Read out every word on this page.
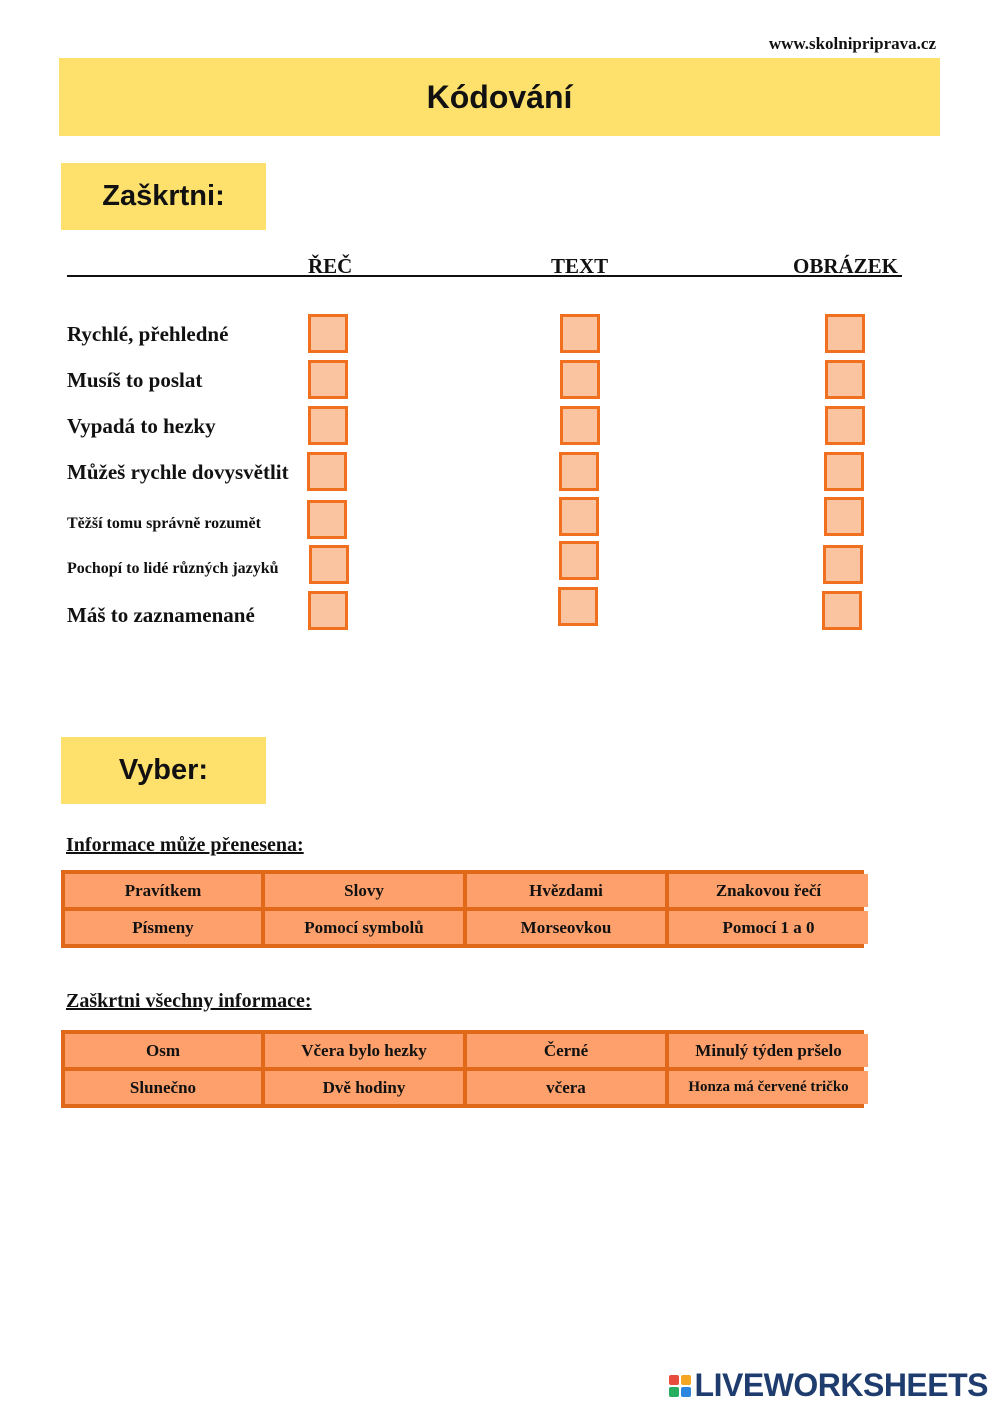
www.skolnipriprava.cz
Kódování
Zaškrtni:
ŘEČ	TEXT	OBRÁZEK
Rychlé, přehledné
Musíš to poslat
Vypadá to hezky
Můžeš rychle dovysvětlit
Těžší tomu správně rozumět
Pochopí to lidé různých jazyků
Máš to zaznamenané
Vyber:
Informace může přenesena:
Pravítkem	Slovy	Hvězdami	Znakovou řečí
Písmeny	Pomocí symbolů	Morseovkou	Pomocí 1 a 0
Zaškrtni všechny informace:
Osm	Včera bylo hezky	Černé	Minulý týden pršelo
Slunečno	Dvě hodiny	včera	Honza má červené tričko
LIVEWORKSHEETS
